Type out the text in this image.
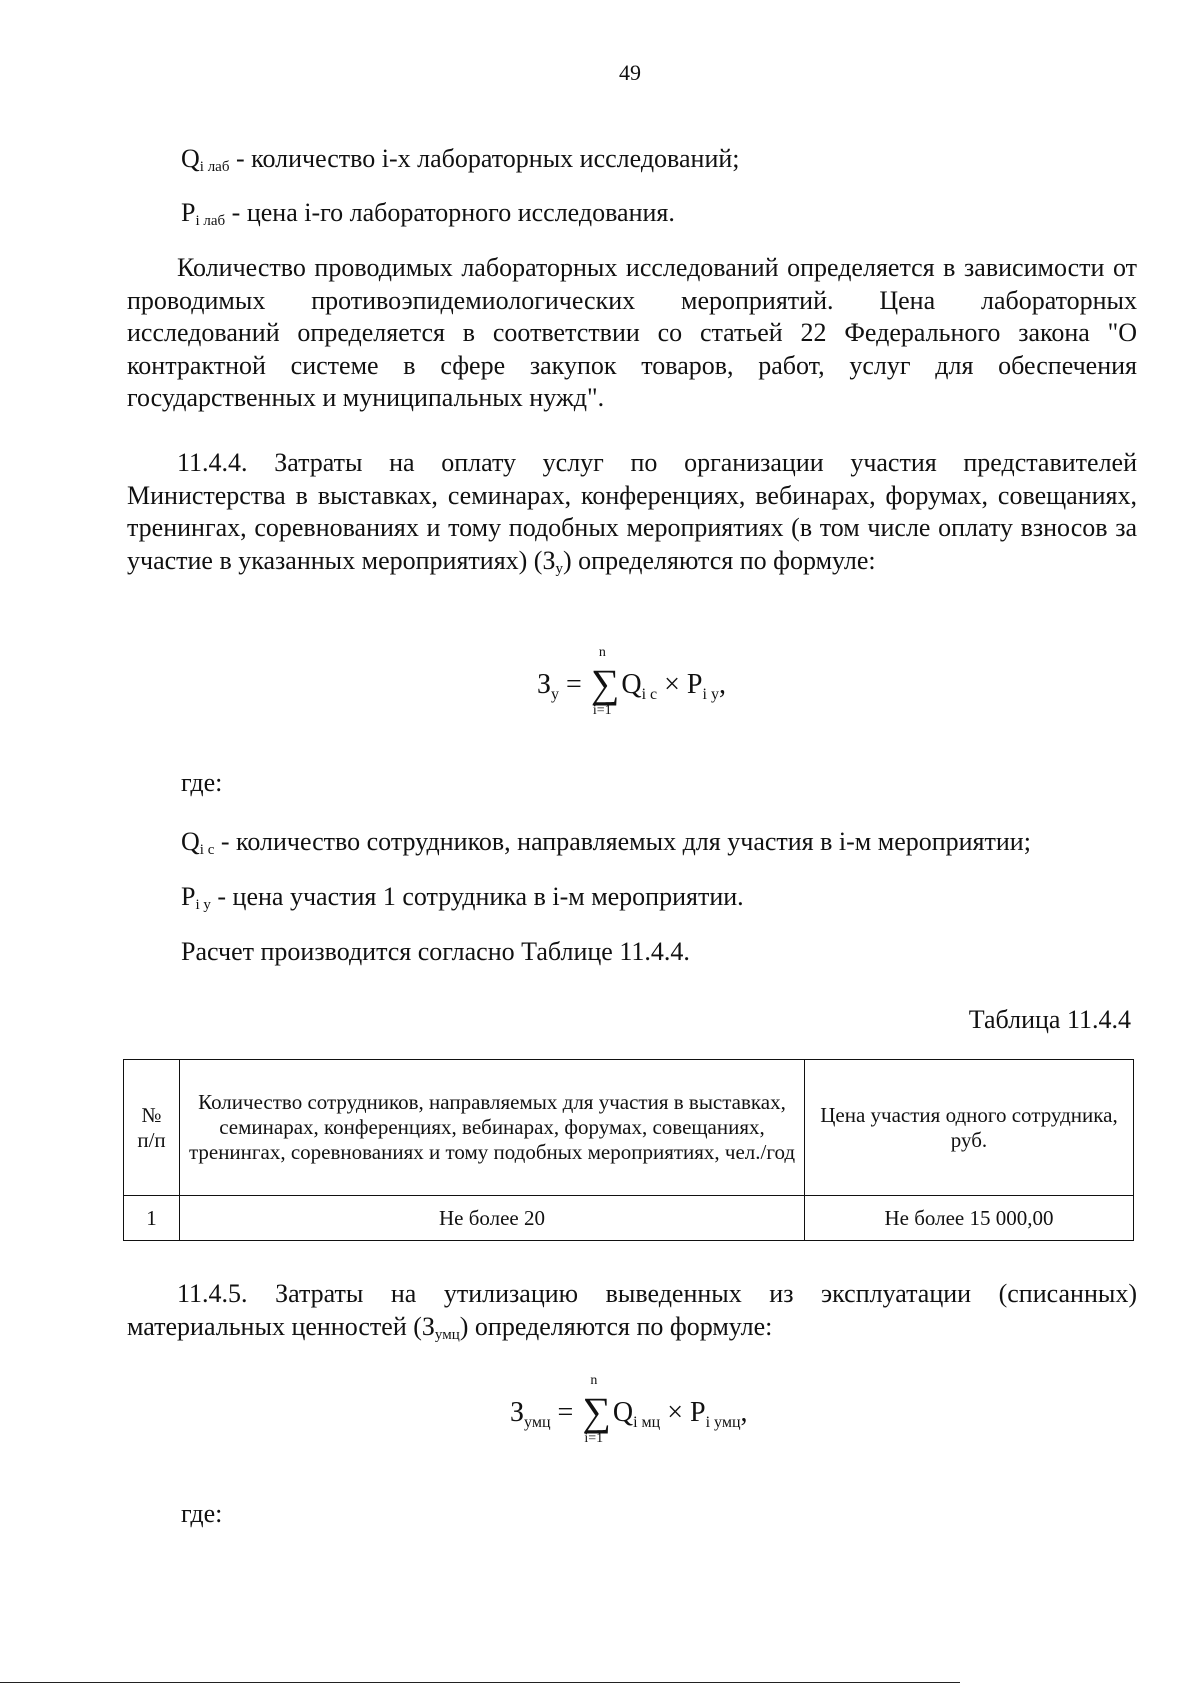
49
$Q_{i лаб}$ - количество i-х лабораторных исследований;
$P_{i лаб}$ - цена i-го лабораторного исследования.
Количество проводимых лабораторных исследований определяется в зависимости от проводимых противоэпидемиологических мероприятий. Цена лабораторных исследований определяется в соответствии со статьей 22 Федерального закона "О контрактной системе в сфере закупок товаров, работ, услуг для обеспечения государственных и муниципальных нужд".
11.4.4. Затраты на оплату услуг по организации участия представителей Министерства в выставках, семинарах, конференциях, вебинарах, форумах, совещаниях, тренингах, соревнованиях и тому подобных мероприятиях (в том числе оплату взносов за участие в указанных мероприятиях) $(З_у)$ определяются по формуле:
$З_у$ = ∑
n
i=1
$Q_{i с} \times P_{i у}$,
где:
$Q_{i с}$ - количество сотрудников, направляемых для участия в i-м мероприятии;
$P_{i у}$ - цена участия 1 сотрудника в i-м мероприятии.
Расчет производится согласно Таблице 11.4.4.
Таблица 11.4.4
№ п/п	Количество сотрудников, направляемых для участия в выставках, семинарах, конференциях, вебинарах, форумах, совещаниях, тренингах, соревнованиях и тому подобных мероприятиях, чел./год	Цена участия одного сотрудника, руб.
1	Не более 20	Не более 15 000,00
11.4.5. Затраты на утилизацию выведенных из эксплуатации (списанных) материальных ценностей $(З_{умц})$ определяются по формуле:
$З_{умц}$ = ∑
n
i=1
$Q_{i мц} \times P_{i умц}$,
где:
